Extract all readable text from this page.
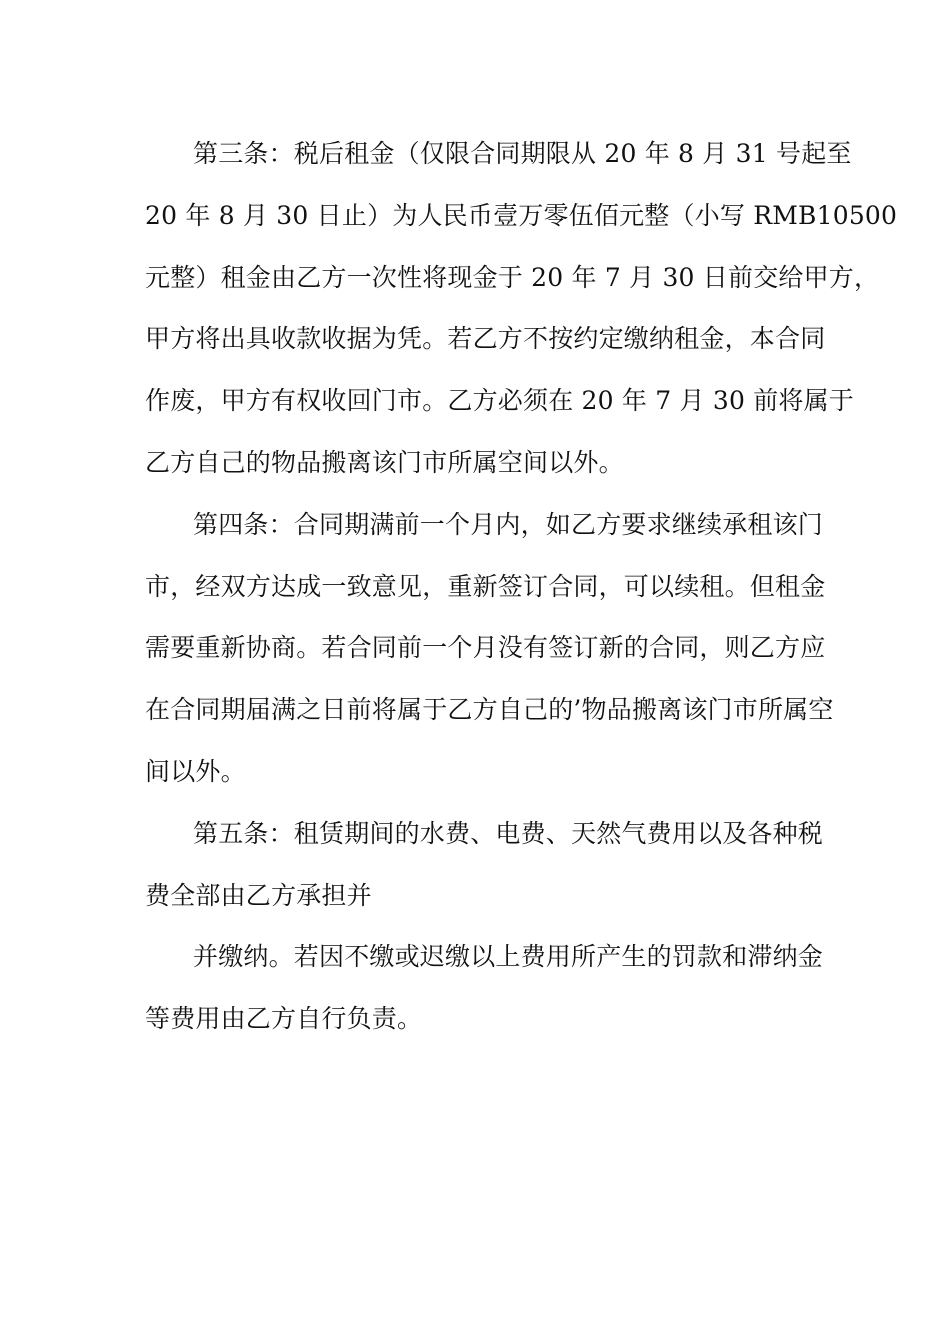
第三条：税后租金（仅限合同期限从 20 年 8 月 31 号起至
20 年 8 月 30 日止）为人民币壹万零伍佰元整（小写 RMB10500
元整）租金由乙方一次性将现金于 20 年 7 月 30 日前交给甲方，
甲方将出具收款收据为凭。若乙方不按约定缴纳租金，本合同
作废，甲方有权收回门市。乙方必须在 20 年 7 月 30 前将属于
乙方自己的物品搬离该门市所属空间以外。
第四条：合同期满前一个月内，如乙方要求继续承租该门
市，经双方达成一致意见，重新签订合同，可以续租。但租金
需要重新协商。若合同前一个月没有签订新的合同，则乙方应
在合同期届满之日前将属于乙方自己的’物品搬离该门市所属空
间以外。
第五条：租赁期间的水费、电费、天然气费用以及各种税
费全部由乙方承担并
并缴纳。若因不缴或迟缴以上费用所产生的罚款和滞纳金
等费用由乙方自行负责。
